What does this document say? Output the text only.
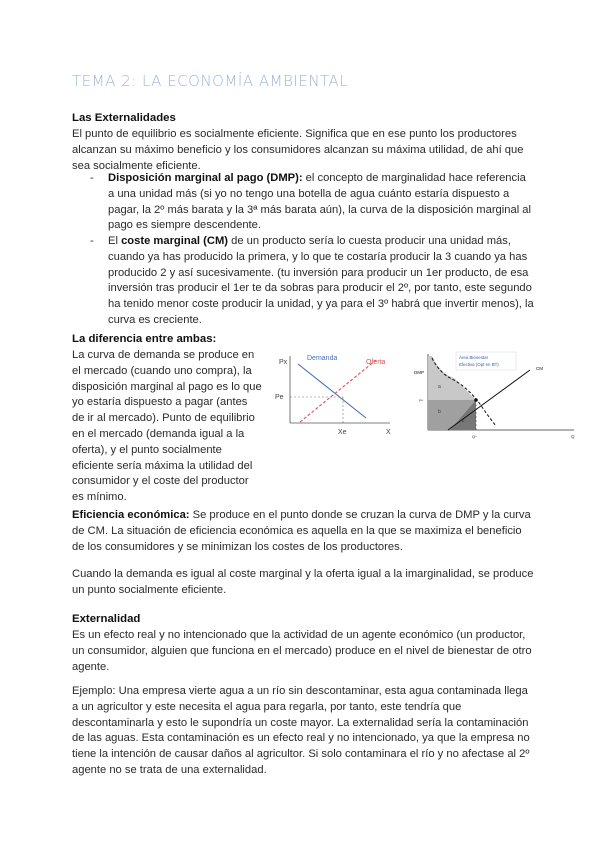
TEMA 2: LA ECONOMÍA AMBIENTAL
Las Externalidades
El punto de equilibrio es socialmente eficiente. Significa que en ese punto los productores alcanzan su máximo beneficio y los consumidores alcanzan su máxima utilidad, de ahí que sea socialmente eficiente.
- Disposición marginal al pago (DMP): el concepto de marginalidad hace referencia a una unidad más (si yo no tengo una botella de agua cuánto estaría dispuesto a pagar, la 2º más barata y la 3ª más barata aún), la curva de la disposición marginal al pago es siempre descendente.
- El coste marginal (CM) de un producto sería lo cuesta producir una unidad más, cuando ya has producido la primera, y lo que te costaría producir la 3 cuando ya has producido 2 y así sucesivamente. (tu inversión para producir un 1er producto, de esa inversión tras producir el 1er te da sobras para producir el 2º, por tanto, este segundo ha tenido menor coste producir la unidad, y ya para el 3º habrá que invertir menos), la curva es creciente.
La diferencia entre ambas:
La curva de demanda se produce en el mercado (cuando uno compra), la disposición marginal al pago es lo que yo estaría dispuesto a pagar (antes de ir al mercado). Punto de equilibrio en el mercado (demanda igual a la oferta), y el punto socialmente eficiente sería máxima la utilidad del consumidor y el coste del productor es mínimo.
Px
X
Demanda
Oferta
Pe
Xe
Área Bienestar
Efectiva (Opt en BT)
DMP
CM
a
b
c
P*
Q*	Q
Eficiencia económica: Se produce en el punto donde se cruzan la curva de DMP y la curva de CM. La situación de eficiencia económica es aquella en la que se maximiza el beneficio de los consumidores y se minimizan los costes de los productores.
Cuando la demanda es igual al coste marginal y la oferta igual a la imarginalidad, se produce un punto socialmente eficiente.
Externalidad
Es un efecto real y no intencionado que la actividad de un agente económico (un productor, un consumidor, alguien que funciona en el mercado) produce en el nivel de bienestar de otro agente.
Ejemplo: Una empresa vierte agua a un río sin descontaminar, esta agua contaminada llega a un agricultor y este necesita el agua para regarla, por tanto, este tendría que descontaminarla y esto le supondría un coste mayor. La externalidad sería la contaminación de las aguas. Esta contaminación es un efecto real y no intencionado, ya que la empresa no tiene la intención de causar daños al agricultor. Si solo contaminara el río y no afectase al 2º agente no se trata de una externalidad.
